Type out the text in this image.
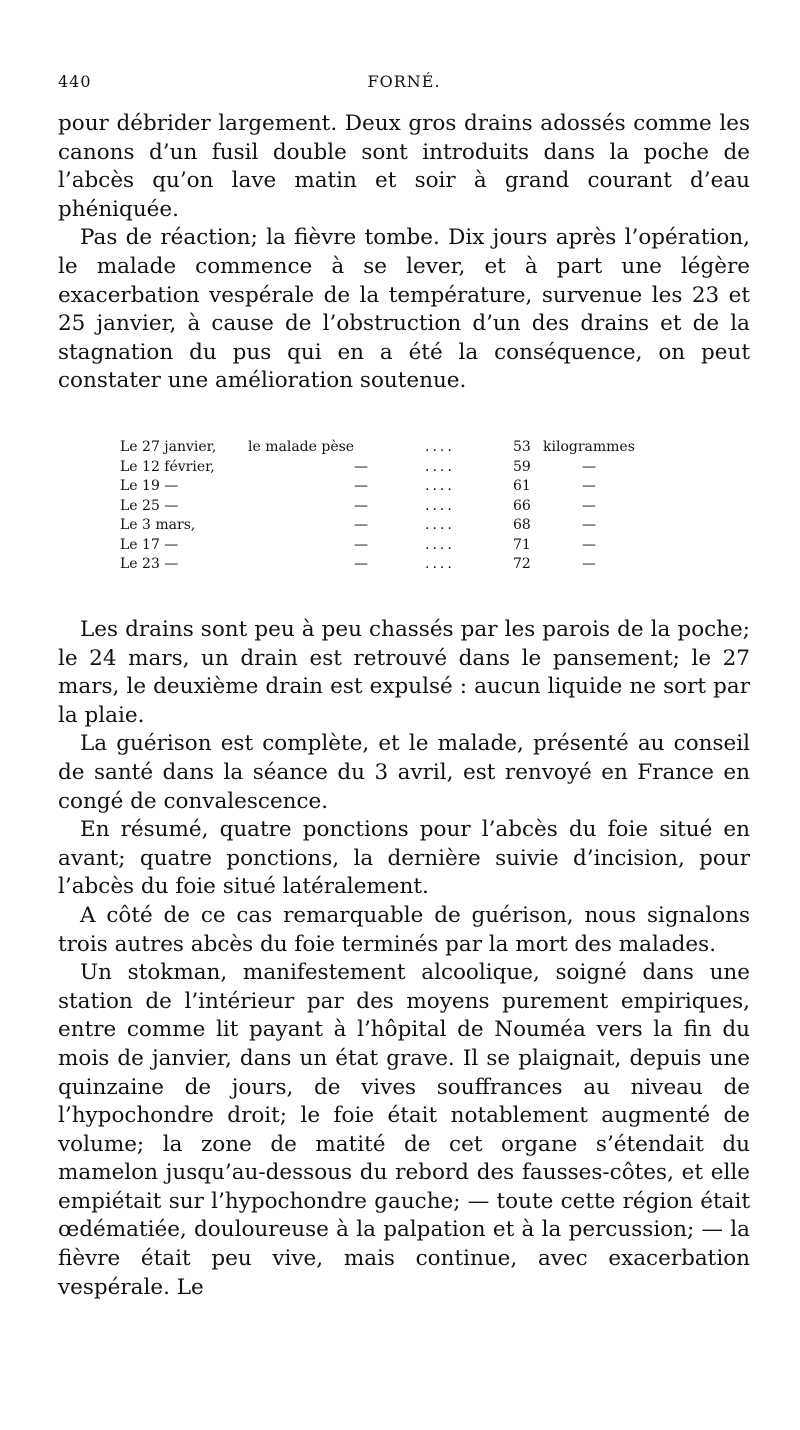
440	FORNÉ.

pour débrider largement. Deux gros drains adossés comme les canons d’un fusil double sont introduits dans la poche de l’abcès qu’on lave matin et soir à grand courant d’eau phéniquée.

Pas de réaction; la fièvre tombe. Dix jours après l’opération, le malade commence à se lever, et à part une légère exacerbation vespérale de la température, survenue les 23 et 25 janvier, à cause de l’obstruction d’un des drains et de la stagnation du pus qui en a été la conséquence, on peut constater une amélioration soutenue.

Le 27 janvier, le malade pèse	....	53 kilogrammes
Le 12 février,	—	....	59	—
Le 19 —	—	....	61	—
Le 25 —	—	....	66	—
Le 3 mars,	—	....	68	—
Le 17 —	—	....	71	—
Le 23 —	—	....	72	—

Les drains sont peu à peu chassés par les parois de la poche; le 24 mars, un drain est retrouvé dans le pansement; le 27 mars, le deuxième drain est expulsé : aucun liquide ne sort par la plaie.

La guérison est complète, et le malade, présenté au conseil de santé dans la séance du 3 avril, est renvoyé en France en congé de convalescence.

En résumé, quatre ponctions pour l’abcès du foie situé en avant; quatre ponctions, la dernière suivie d’incision, pour l’abcès du foie situé latéralement.

A côté de ce cas remarquable de guérison, nous signalons trois autres abcès du foie terminés par la mort des malades.

Un stokman, manifestement alcoolique, soigné dans une station de l’intérieur par des moyens purement empiriques, entre comme lit payant à l’hôpital de Nouméa vers la fin du mois de janvier, dans un état grave. Il se plaignait, depuis une quinzaine de jours, de vives souffrances au niveau de l’hypochondre droit; le foie était notablement augmenté de volume; la zone de matité de cet organe s’étendait du mamelon jusqu’au-dessous du rebord des fausses-côtes, et elle empiétait sur l’hypochondre gauche; — toute cette région était œdématiée, douloureuse à la palpation et à la percussion; — la fièvre était peu vive, mais continue, avec exacerbation vespérale. Le
